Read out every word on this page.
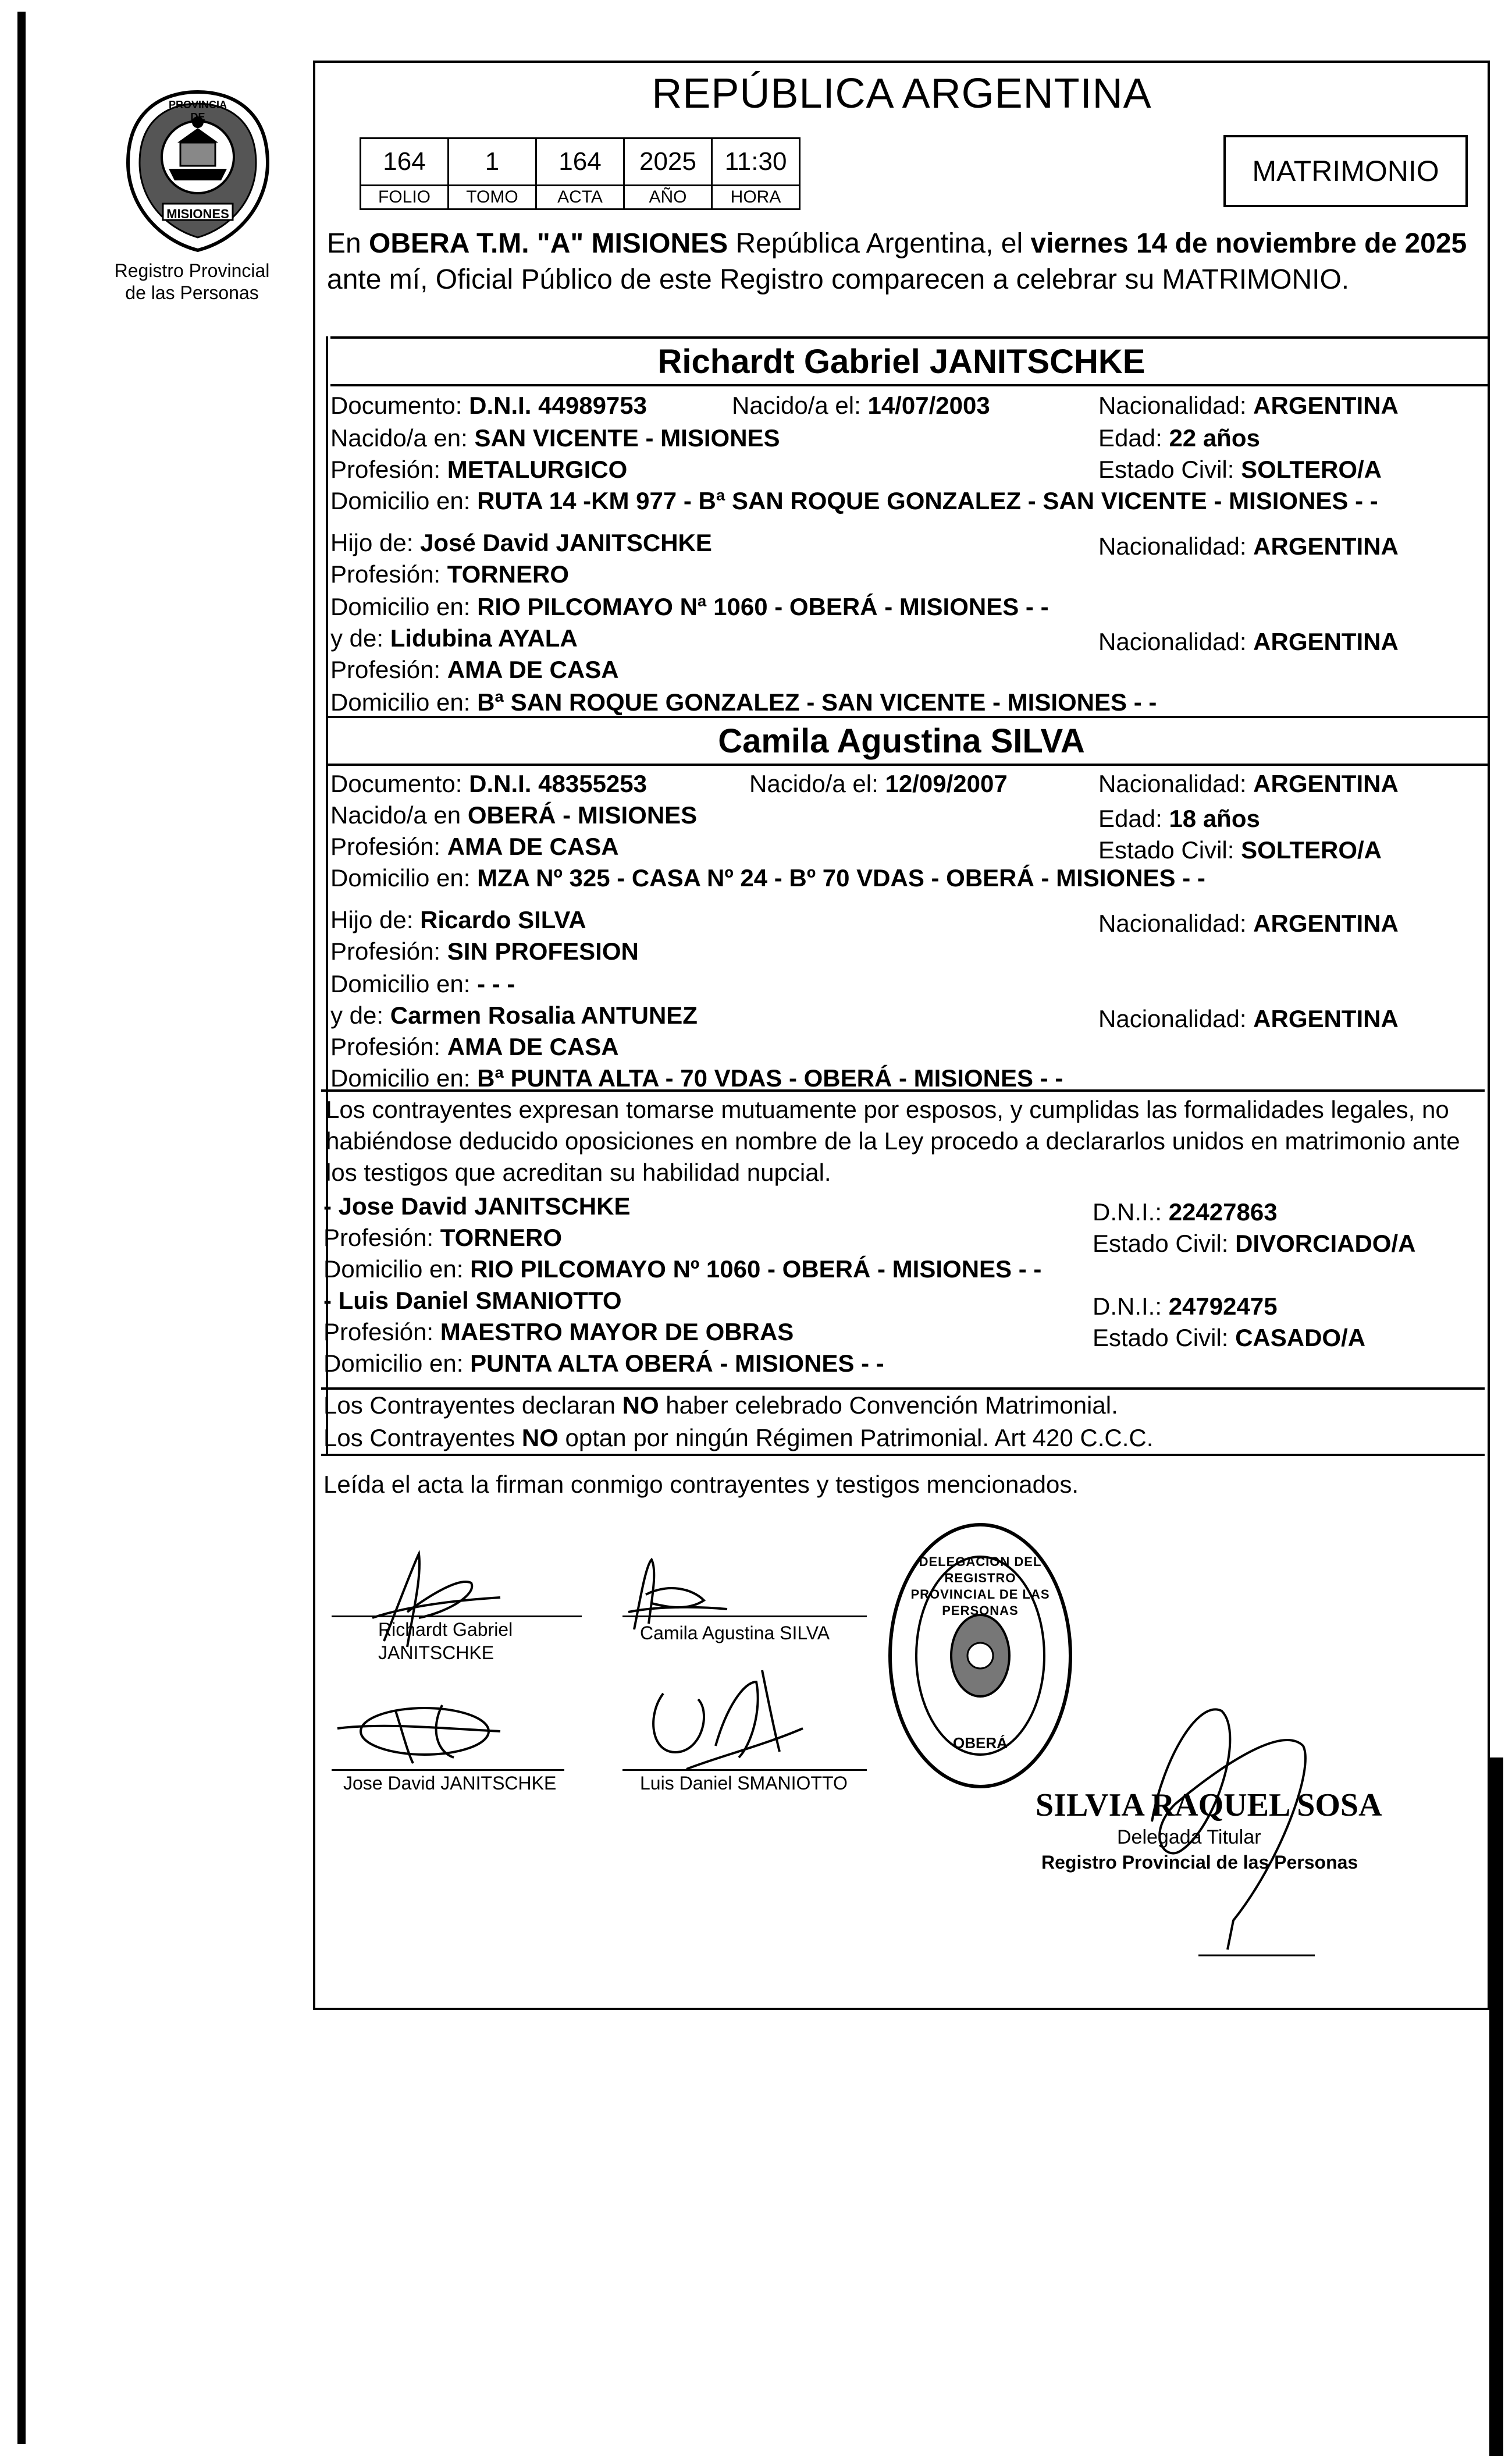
PROVINCIA DE
MISIONES
Registro Provincial
de las Personas
REPÚBLICA ARGENTINA
164	1	164	2025	11:30
FOLIO	TOMO	ACTA	AÑO	HORA
MATRIMONIO
En OBERA T.M. "A" MISIONES República Argentina, el viernes 14 de noviembre de 2025
ante mí, Oficial Público de este Registro comparecen a celebrar su MATRIMONIO.
Richardt Gabriel JANITSCHKE
Documento: D.N.I. 44989753	Nacido/a el: 14/07/2003	Nacionalidad: ARGENTINA
Nacido/a en: SAN VICENTE - MISIONES	Edad: 22 años
Profesión: METALURGICO	Estado Civil: SOLTERO/A
Domicilio en: RUTA 14 -KM 977 - Bª SAN ROQUE GONZALEZ - SAN VICENTE - MISIONES - -
Hijo de: José David JANITSCHKE	Nacionalidad: ARGENTINA
Profesión: TORNERO
Domicilio en: RIO PILCOMAYO Nª 1060 - OBERÁ - MISIONES - -
y de: Lidubina AYALA	Nacionalidad: ARGENTINA
Profesión: AMA DE CASA
Domicilio en: Bª SAN ROQUE GONZALEZ - SAN VICENTE - MISIONES - -
Camila Agustina SILVA
Documento: D.N.I. 48355253	Nacido/a el: 12/09/2007	Nacionalidad: ARGENTINA
Nacido/a en OBERÁ - MISIONES	Edad: 18 años
Profesión: AMA DE CASA	Estado Civil: SOLTERO/A
Domicilio en: MZA Nº 325 - CASA Nº 24 - Bº 70 VDAS - OBERÁ - MISIONES - -
Hijo de: Ricardo SILVA	Nacionalidad: ARGENTINA
Profesión: SIN PROFESION
Domicilio en: - - -
y de: Carmen Rosalia ANTUNEZ	Nacionalidad: ARGENTINA
Profesión: AMA DE CASA
Domicilio en: Bª PUNTA ALTA - 70 VDAS - OBERÁ - MISIONES - -
Los contrayentes expresan tomarse mutuamente por esposos, y cumplidas las formalidades legales, no
habiéndose deducido oposiciones en nombre de la Ley procedo a declararlos unidos en matrimonio ante
los testigos que acreditan su habilidad nupcial.
- Jose David JANITSCHKE	D.N.I.: 22427863
Profesión: TORNERO	Estado Civil: DIVORCIADO/A
Domicilio en: RIO PILCOMAYO Nº 1060 - OBERÁ - MISIONES - -
- Luis Daniel SMANIOTTO	D.N.I.: 24792475
Profesión: MAESTRO MAYOR DE OBRAS	Estado Civil: CASADO/A
Domicilio en: PUNTA ALTA OBERÁ - MISIONES - -
Los Contrayentes declaran NO haber celebrado Convención Matrimonial.
Los Contrayentes NO optan por ningún Régimen Patrimonial. Art 420 C.C.C.
Leída el acta la firman conmigo contrayentes y testigos mencionados.
Richardt Gabriel
JANITSCHKE
Camila Agustina SILVA
Jose David JANITSCHKE	Luis Daniel SMANIOTTO
DELEGACION DEL REGISTRO PROVINCIAL DE LAS PERSONAS
OBERÁ
SILVIA RAQUEL SOSA
Delegada Titular
Registro Provincial de las Personas
